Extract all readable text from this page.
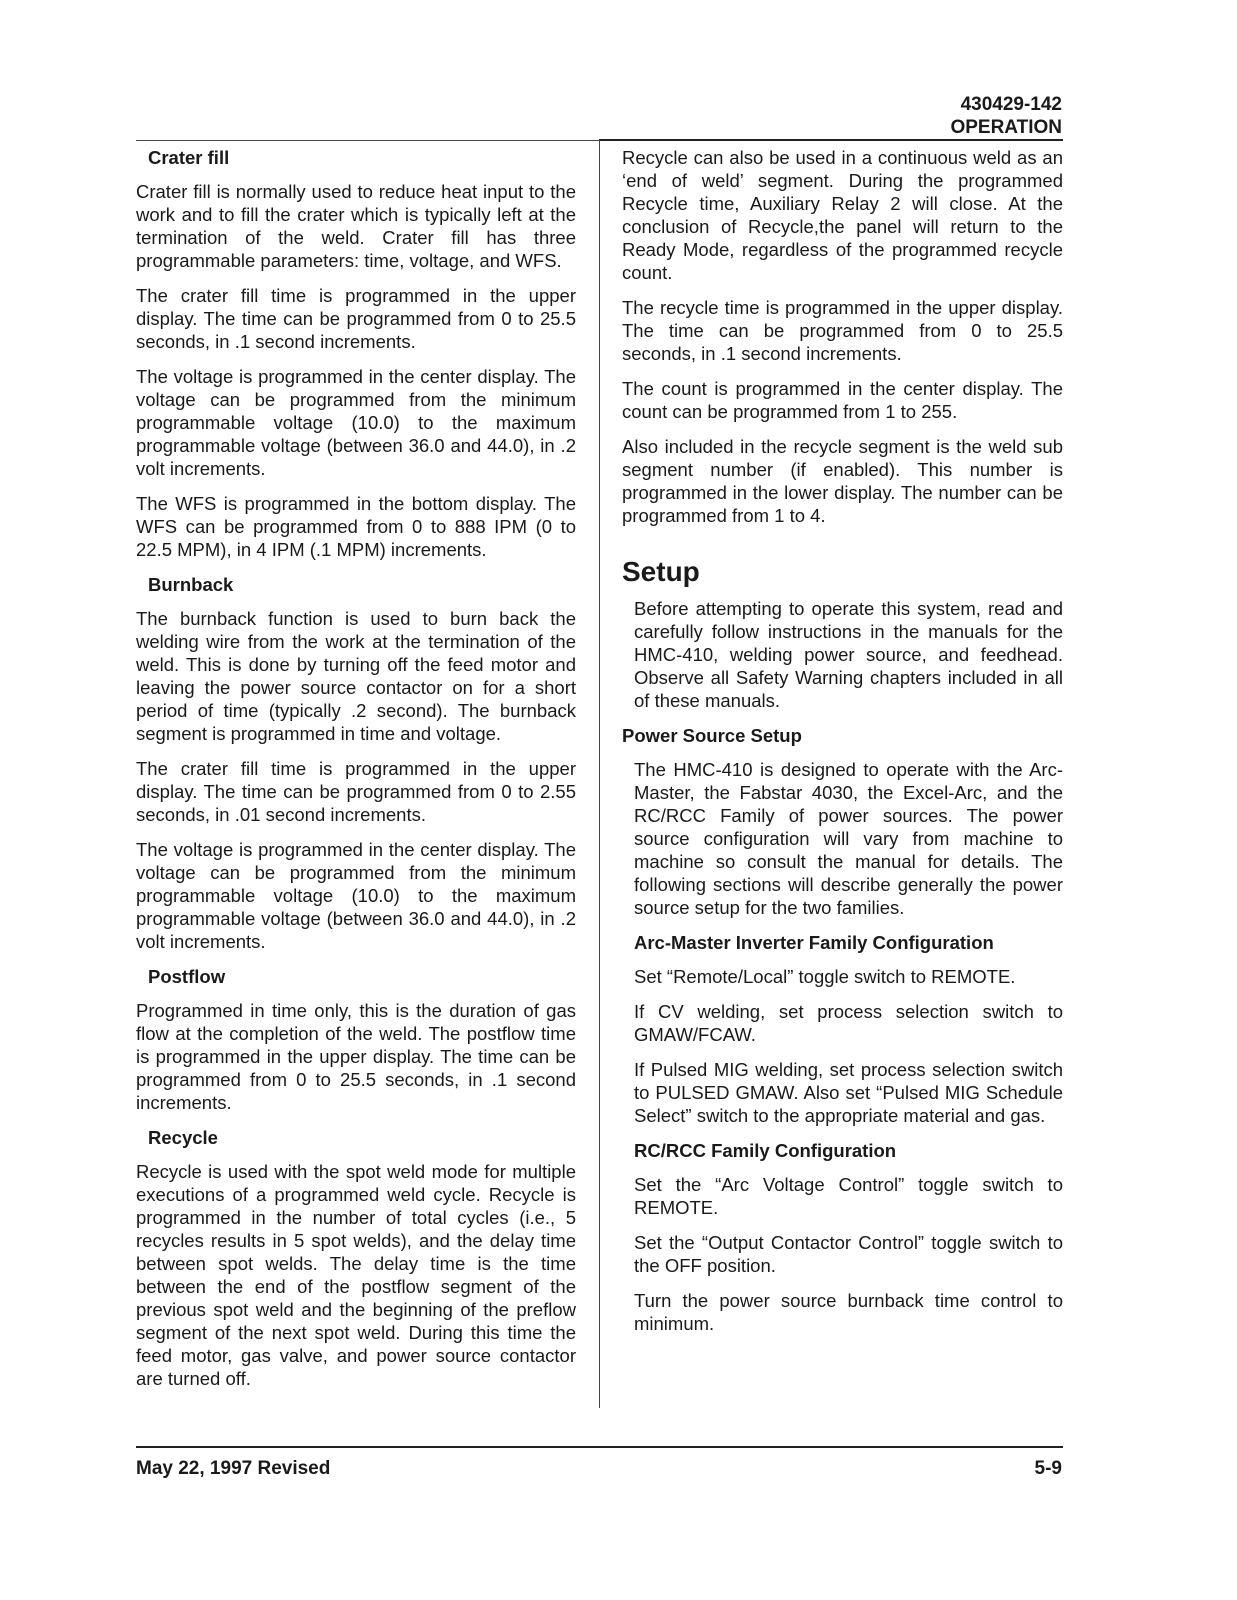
430429-142
OPERATION
Crater fill

Crater fill is normally used to reduce heat input to the work and to fill the crater which is typically left at the termination of the weld. Crater fill has three programmable parameters: time, voltage, and WFS.

The crater fill time is programmed in the upper display. The time can be programmed from 0 to 25.5 seconds, in .1 second increments.

The voltage is programmed in the center display. The voltage can be programmed from the minimum programmable voltage (10.0) to the maximum programmable voltage (between 36.0 and 44.0), in .2 volt increments.

The WFS is programmed in the bottom display. The WFS can be programmed from 0 to 888 IPM (0 to 22.5 MPM), in 4 IPM (.1 MPM) increments.

Burnback

The burnback function is used to burn back the welding wire from the work at the termination of the weld. This is done by turning off the feed motor and leaving the power source contactor on for a short period of time (typically .2 second). The burnback segment is programmed in time and voltage.

The crater fill time is programmed in the upper display. The time can be programmed from 0 to 2.55 seconds, in .01 second increments.

The voltage is programmed in the center display. The voltage can be programmed from the minimum programmable voltage (10.0) to the maximum programmable voltage (between 36.0 and 44.0), in .2 volt increments.

Postflow

Programmed in time only, this is the duration of gas flow at the completion of the weld. The postflow time is programmed in the upper display. The time can be programmed from 0 to 25.5 seconds, in .1 second increments.

Recycle

Recycle is used with the spot weld mode for multiple executions of a programmed weld cycle. Recycle is programmed in the number of total cycles (i.e., 5 recycles results in 5 spot welds), and the delay time between spot welds. The delay time is the time between the end of the postflow segment of the previous spot weld and the beginning of the preflow segment of the next spot weld. During this time the feed motor, gas valve, and power source contactor are turned off.

Recycle can also be used in a continuous weld as an ‘end of weld’ segment. During the programmed Recycle time, Auxiliary Relay 2 will close. At the conclusion of Recycle,the panel will return to the Ready Mode, regardless of the programmed recycle count.

The recycle time is programmed in the upper display. The time can be programmed from 0 to 25.5 seconds, in .1 second increments.

The count is programmed in the center display. The count can be programmed from 1 to 255.

Also included in the recycle segment is the weld sub segment number (if enabled). This number is programmed in the lower display. The number can be programmed from 1 to 4.

Setup

Before attempting to operate this system, read and carefully follow instructions in the manuals for the HMC-410, welding power source, and feedhead. Observe all Safety Warning chapters included in all of these manuals.

Power Source Setup

The HMC-410 is designed to operate with the Arc-Master, the Fabstar 4030, the Excel-Arc, and the RC/RCC Family of power sources. The power source configuration will vary from machine to machine so consult the manual for details. The following sections will describe generally the power source setup for the two families.

Arc-Master Inverter Family Configuration

Set “Remote/Local” toggle switch to REMOTE.

If CV welding, set process selection switch to GMAW/FCAW.

If Pulsed MIG welding, set process selection switch to PULSED GMAW. Also set “Pulsed MIG Schedule Select” switch to the appropriate material and gas.

RC/RCC Family Configuration

Set the “Arc Voltage Control” toggle switch to REMOTE.

Set the “Output Contactor Control” toggle switch to the OFF position.

Turn the power source burnback time control to minimum.

May 22, 1997 Revised	5-9
